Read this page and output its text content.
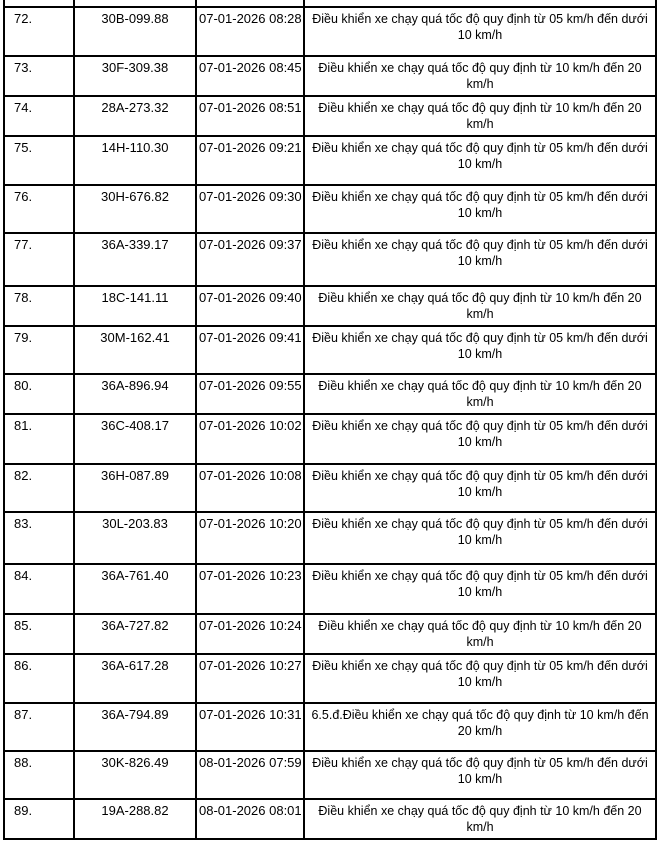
72.	30B-099.88	07-01-2026 08:28	Điều khiển xe chạy quá tốc độ quy định từ 05 km/h đến dưới 10 km/h
73.	30F-309.38	07-01-2026 08:45	Điều khiển xe chạy quá tốc độ quy định từ 10 km/h đến 20 km/h
74.	28A-273.32	07-01-2026 08:51	Điều khiển xe chạy quá tốc độ quy định từ 10 km/h đến 20 km/h
75.	14H-110.30	07-01-2026 09:21	Điều khiển xe chạy quá tốc độ quy định từ 05 km/h đến dưới 10 km/h
76.	30H-676.82	07-01-2026 09:30	Điều khiển xe chạy quá tốc độ quy định từ 05 km/h đến dưới 10 km/h
77.	36A-339.17	07-01-2026 09:37	Điều khiển xe chạy quá tốc độ quy định từ 05 km/h đến dưới 10 km/h
78.	18C-141.11	07-01-2026 09:40	Điều khiển xe chạy quá tốc độ quy định từ 10 km/h đến 20 km/h
79.	30M-162.41	07-01-2026 09:41	Điều khiển xe chạy quá tốc độ quy định từ 05 km/h đến dưới 10 km/h
80.	36A-896.94	07-01-2026 09:55	Điều khiển xe chạy quá tốc độ quy định từ 10 km/h đến 20 km/h
81.	36C-408.17	07-01-2026 10:02	Điều khiển xe chạy quá tốc độ quy định từ 05 km/h đến dưới 10 km/h
82.	36H-087.89	07-01-2026 10:08	Điều khiển xe chạy quá tốc độ quy định từ 05 km/h đến dưới 10 km/h
83.	30L-203.83	07-01-2026 10:20	Điều khiển xe chạy quá tốc độ quy định từ 05 km/h đến dưới 10 km/h
84.	36A-761.40	07-01-2026 10:23	Điều khiển xe chạy quá tốc độ quy định từ 05 km/h đến dưới 10 km/h
85.	36A-727.82	07-01-2026 10:24	Điều khiển xe chạy quá tốc độ quy định từ 10 km/h đến 20 km/h
86.	36A-617.28	07-01-2026 10:27	Điều khiển xe chạy quá tốc độ quy định từ 05 km/h đến dưới 10 km/h
87.	36A-794.89	07-01-2026 10:31	6.5.đ.Điều khiển xe chạy quá tốc độ quy định từ 10 km/h đến 20 km/h
88.	30K-826.49	08-01-2026 07:59	Điều khiển xe chạy quá tốc độ quy định từ 05 km/h đến dưới 10 km/h
89.	19A-288.82	08-01-2026 08:01	Điều khiển xe chạy quá tốc độ quy định từ 10 km/h đến 20 km/h
